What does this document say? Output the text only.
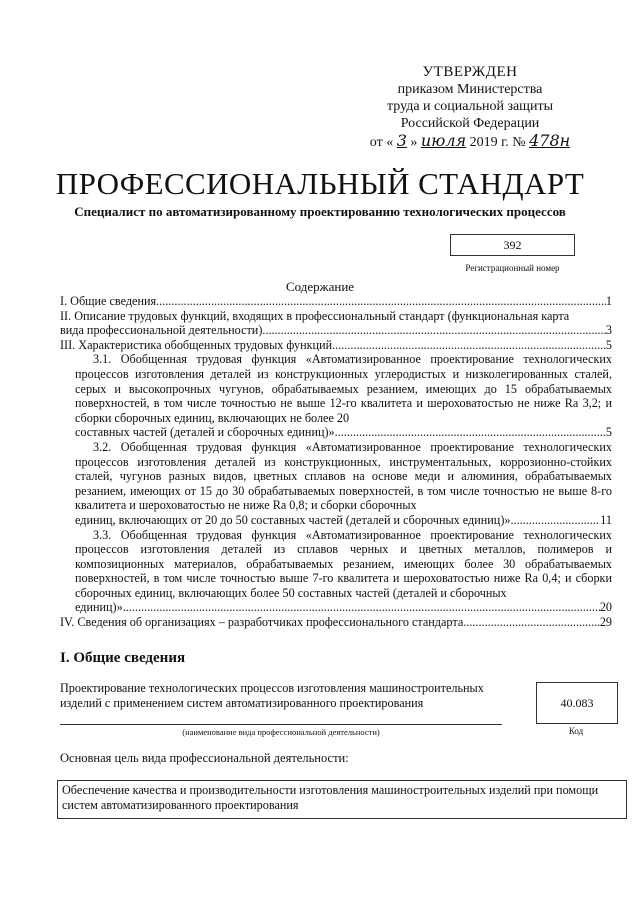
УТВЕРЖДЕН
приказом Министерства
труда и социальной защиты
Российской Федерации
от « 3 » июля 2019 г. № 478н
ПРОФЕССИОНАЛЬНЫЙ СТАНДАРТ
Специалист по автоматизированному проектированию технологических процессов
392
Регистрационный номер
Содержание
I. Общие сведения .....	1
II. Описание трудовых функций, входящих в профессиональный стандарт (функциональная карта
вида профессиональной деятельности) .....	3
III. Характеристика обобщенных трудовых функций .....	5
3.1. Обобщенная трудовая функция «Автоматизированное проектирование технологических процессов изготовления деталей из конструкционных углеродистых и низколегированных сталей, серых и высокопрочных чугунов, обрабатываемых резанием, имеющих до 15 обрабатываемых поверхностей, в том числе точностью не выше 12-го квалитета и шероховатостью не ниже Ra 3,2; и сборки сборочных единиц, включающих не более 20
составных частей (деталей и сборочных единиц)» .....	5
3.2. Обобщенная трудовая функция «Автоматизированное проектирование технологических процессов изготовления деталей из конструкционных, инструментальных, коррозионно-стойких сталей, чугунов разных видов, цветных сплавов на основе меди и алюминия, обрабатываемых резанием, имеющих от 15 до 30 обрабатываемых поверхностей, в том числе точностью не выше 8-го квалитета и шероховатостью не ниже Ra 0,8; и сборки сборочных
единиц, включающих от 20 до 50 составных частей (деталей и сборочных единиц)» .....	11
3.3. Обобщенная трудовая функция «Автоматизированное проектирование технологических процессов изготовления деталей из сплавов черных и цветных металлов, полимеров и композиционных материалов, обрабатываемых резанием, имеющих более 30 обрабатываемых поверхностей, в том числе точностью выше 7-го квалитета и шероховатостью ниже Ra 0,4; и сборки сборочных единиц, включающих более 50 составных частей (деталей и сборочных
единиц)» .....	20
IV. Сведения об организациях – разработчиках профессионального стандарта .....	29
I. Общие сведения
Проектирование технологических процессов изготовления машиностроительных изделий с применением систем автоматизированного проектирования
(наименование вида профессиональной деятельности)
40.083
Код
Основная цель вида профессиональной деятельности:
Обеспечение качества и производительности изготовления машиностроительных изделий при помощи систем автоматизированного проектирования
